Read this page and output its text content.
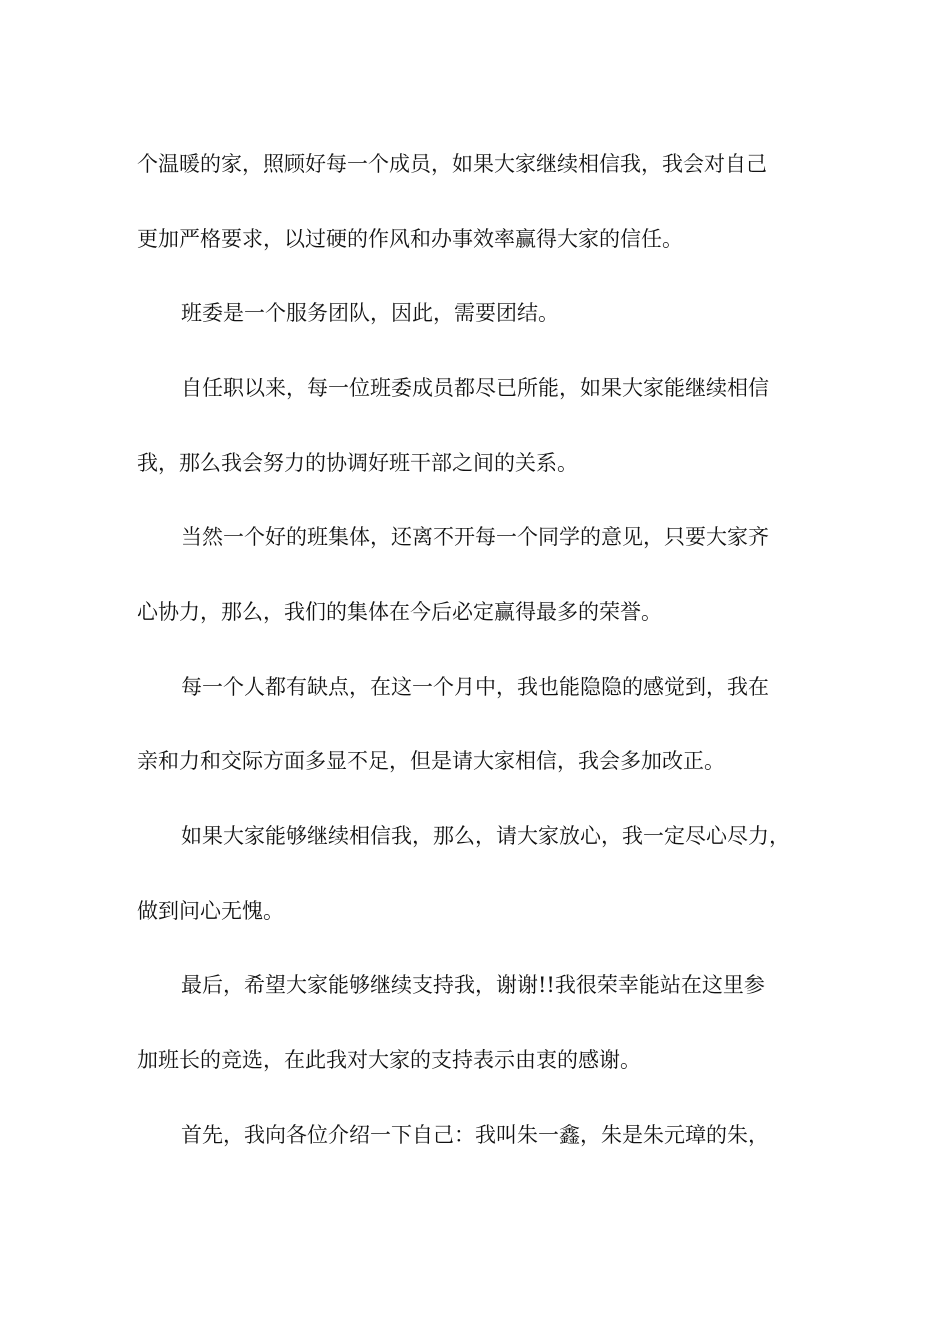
个温暖的家，照顾好每一个成员，如果大家继续相信我，我会对自己
更加严格要求，以过硬的作风和办事效率赢得大家的信任。
班委是一个服务团队，因此，需要团结。
自任职以来，每一位班委成员都尽已所能，如果大家能继续相信
我，那么我会努力的协调好班干部之间的关系。
当然一个好的班集体，还离不开每一个同学的意见，只要大家齐
心协力，那么，我们的集体在今后必定赢得最多的荣誉。
每一个人都有缺点，在这一个月中，我也能隐隐的感觉到，我在
亲和力和交际方面多显不足，但是请大家相信，我会多加改正。
如果大家能够继续相信我，那么，请大家放心，我一定尽心尽力，
做到问心无愧。
最后，希望大家能够继续支持我，谢谢!!我很荣幸能站在这里参
加班长的竞选，在此我对大家的支持表示由衷的感谢。
首先，我向各位介绍一下自己：我叫朱一鑫，朱是朱元璋的朱，
